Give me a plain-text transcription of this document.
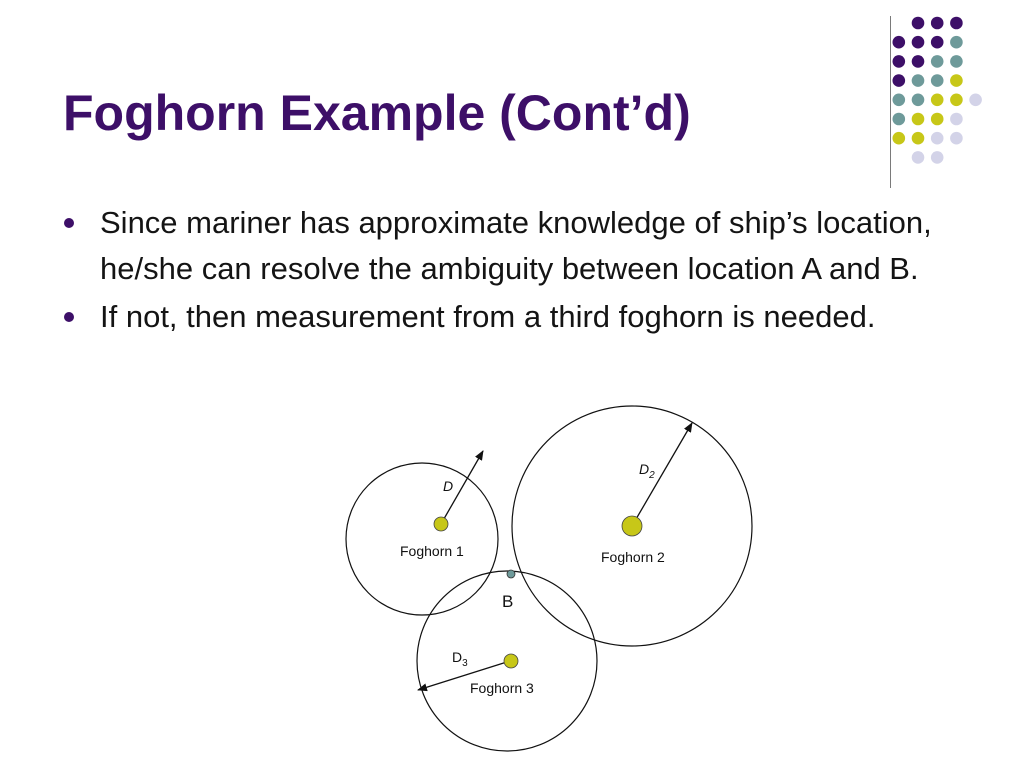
Foghorn Example (Cont’d)
Since mariner has approximate knowledge of ship’s location, he/she can resolve the ambiguity between location A and B.
If not, then measurement from a third foghorn is needed.
D
$D_2$
$D_3$
Foghorn 1	Foghorn 2
Foghorn 3
B
